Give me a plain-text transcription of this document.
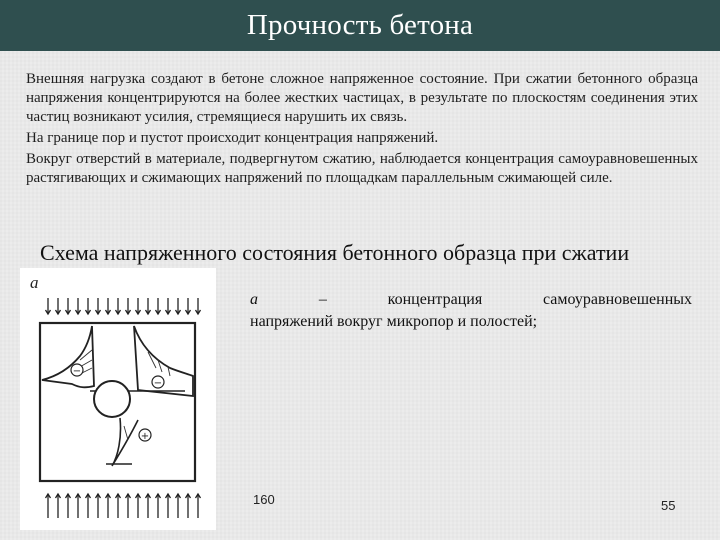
Прочность бетона

Внешняя нагрузка создают в бетоне сложное напряженное состояние. При сжатии бетонного образца напряжения концентрируются на более жестких частицах, в результате по плоскостям соединения этих частиц возникают усилия, стремящиеся нарушить их связь.

На границе пор и пустот происходит концентрация напряжений.

Вокруг отверстий в материале, подвергнутом сжатию, наблюдается концентрация самоуравновешенных растягивающих и сжимающих напряжений по площадкам параллельным сжимающей силе.

Схема напряженного состояния бетонного образца при сжатии
а
−
−
+
а – концентрация самоуравновешенных
напряжений вокруг микропор и полостей;
160	55
